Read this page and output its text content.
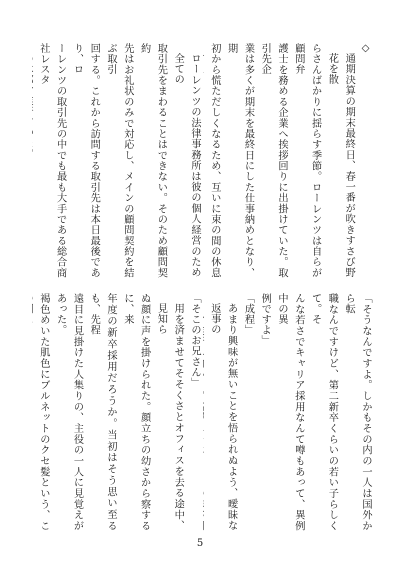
◇
通期決算の期末最終日、春一番が吹きすさび野花を散
らさんばかりに揺らす季節。ローレンツは自らが顧問弁
護士を務める企業へ挨拶回りに出掛けていた。取引先企
業は多くが期末を最終日にした仕事納めとなり、期
初から慌ただしくなるため、互いに束の間の休息
ローレンツの法律事務所は彼の個人経営のため全ての
取引先をまわることはできない。そのため顧問契約
先はお礼状のみで対応し、メインの顧問契約を結ぶ取引
回する。これから訪問する取引先は本日最後であり、ロ
ーレンツの取引先の中でも最も大手である総合商社レスタ
「そうなんですよ。しかもその内の一人は国外から転
職なんですけど、第二新卒くらいの若い子らしくて。そ
んな若さでキャリア採用なんて噂もあって、異例中の異
例ですよ」
「成程」
あまり興味が無いことを悟られぬよう、曖昧な返事の
「そこのお兄さん」
用を済ませてそそくさとオフィスを去る途中、見知ら
ぬ顔に声を掛けられた。顔立ちの幼さから察するに、来
年度の新卒採用だろうか。当初はそう思い至るも、先程
遠目に見掛けた人集りの、主役の一人に見覚えがあった。
褐色めいた肌色にブルネットのクセ髪という、こ
5
